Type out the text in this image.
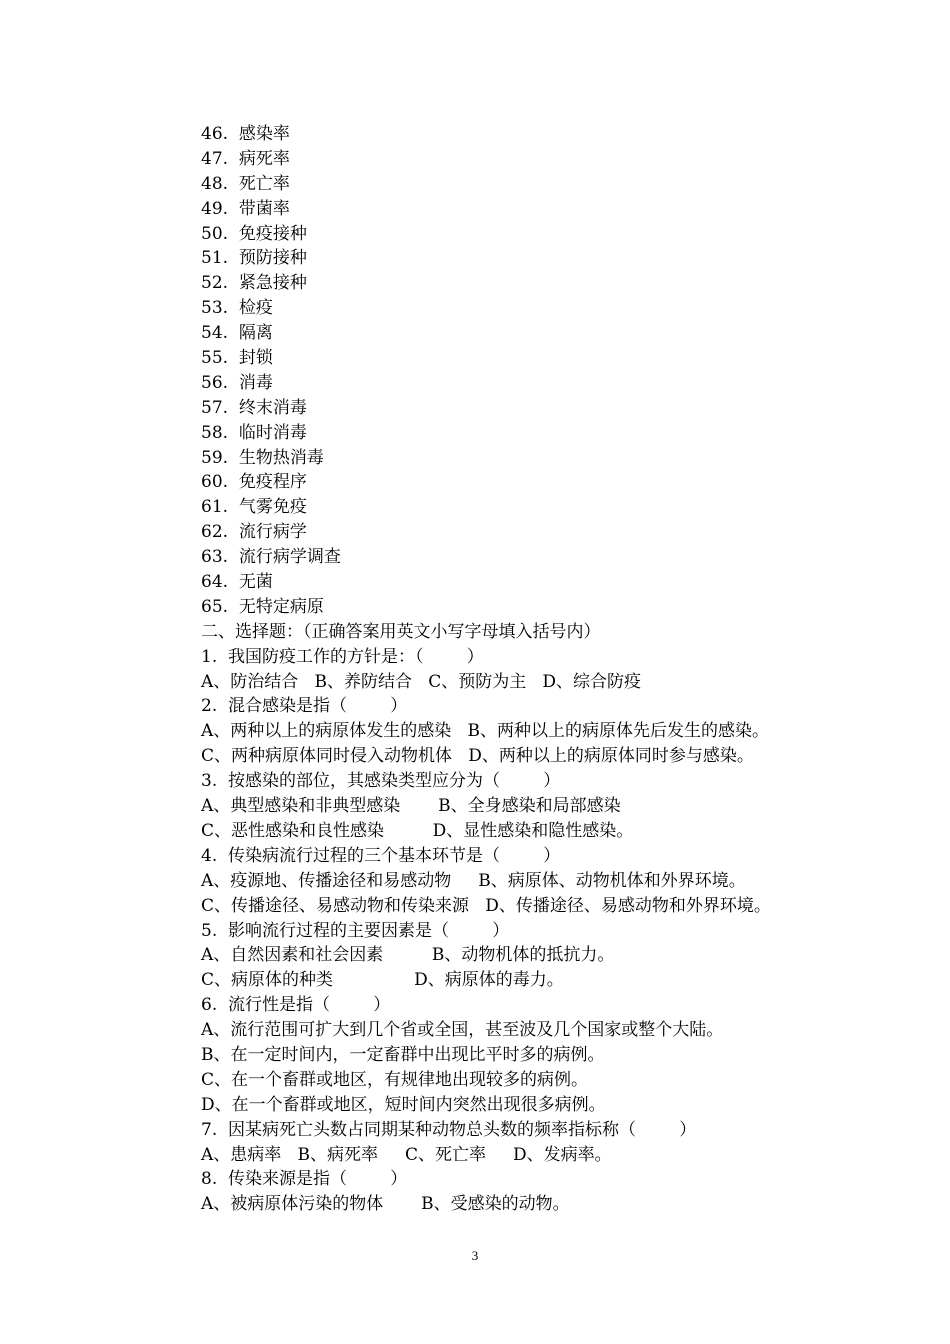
46.  感染率
47.  病死率
48.  死亡率
49.  带菌率
50.  免疫接种
51.  预防接种
52.  紧急接种
53.  检疫
54.  隔离
55.  封锁
56.  消毒
57.  终末消毒
58.  临时消毒
59.  生物热消毒
60.  免疫程序
61.  气雾免疫
62.  流行病学
63.  流行病学调查
64.  无菌
65.  无特定病原
二、选择题：（正确答案用英文小写字母填入括号内）
1.  我国防疫工作的方针是：（        ）
A、防治结合   B、养防结合   C、预防为主   D、综合防疫
2.  混合感染是指（        ）
A、两种以上的病原体发生的感染   B、两种以上的病原体先后发生的感染。
C、两种病原体同时侵入动物机体   D、两种以上的病原体同时参与感染。
3.  按感染的部位，其感染类型应分为（        ）
A、典型感染和非典型感染       B、全身感染和局部感染
C、恶性感染和良性感染         D、显性感染和隐性感染。
4.  传染病流行过程的三个基本环节是（        ）
A、疫源地、传播途径和易感动物     B、病原体、动物机体和外界环境。
C、传播途径、易感动物和传染来源   D、传播途径、易感动物和外界环境。
5.  影响流行过程的主要因素是（        ）
A、自然因素和社会因素         B、动物机体的抵抗力。
C、病原体的种类               D、病原体的毒力。
6.  流行性是指（        ）
A、流行范围可扩大到几个省或全国，甚至波及几个国家或整个大陆。
B、在一定时间内，一定畜群中出现比平时多的病例。
C、在一个畜群或地区，有规律地出现较多的病例。
D、在一个畜群或地区，短时间内突然出现很多病例。
7.  因某病死亡头数占同期某种动物总头数的频率指标称（        ）
A、患病率   B、病死率     C、死亡率     D、发病率。
8.  传染来源是指（        ）
A、被病原体污染的物体       B、受感染的动物。
3
